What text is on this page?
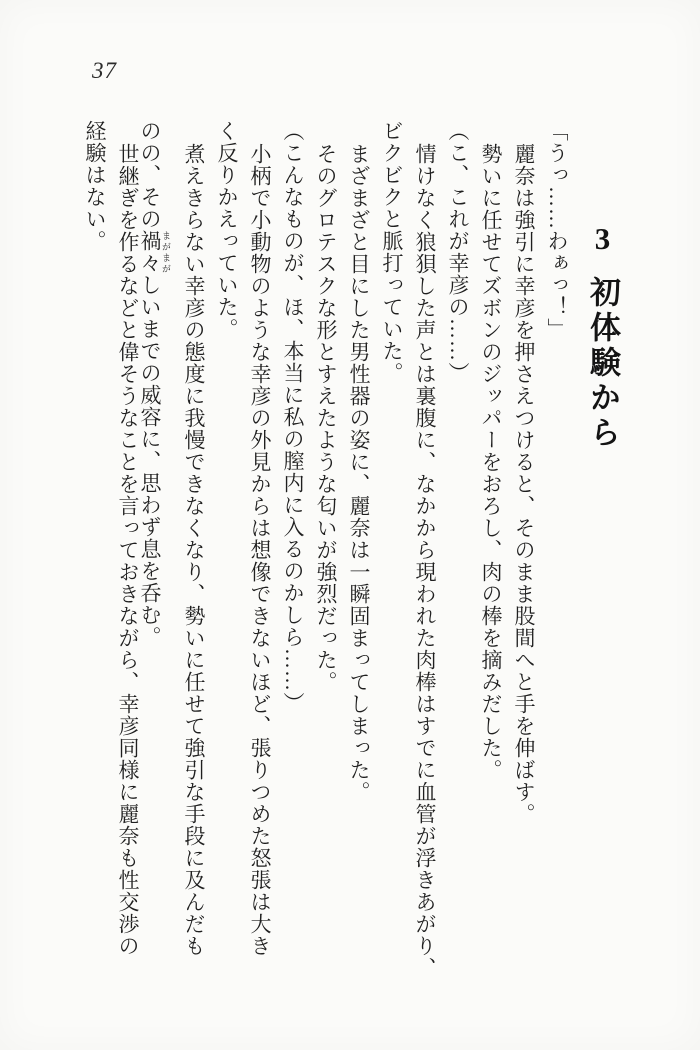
37
3初体験から
「うっ……わぁっ！」
麗奈は強引に幸彦を押さえつけると、そのまま股間へと手を伸ばす。
勢いに任せてズボンのジッパーをおろし、肉の棒を摘みだした。
（こ、これが幸彦の……）
情けなく狼狽した声とは裏腹に、なかから現われた肉棒はすでに血管が浮きあがり、
ビクビクと脈打っていた。
まざまざと目にした男性器の姿に、麗奈は一瞬固まってしまった。
そのグロテスクな形とすえたような匂いが強烈だった。
（こんなものが、ほ、本当に私の膣内に入るのかしら……）
小柄で小動物のような幸彦の外見からは想像できないほど、張りつめた怒張は大き
く反りかえっていた。
煮えきらない幸彦の態度に我慢できなくなり、勢いに任せて強引な手段に及んだも
のの、その禍々 まがまがしいまでの威容に、思わず息を呑む。
世継ぎを作るなどと偉そうなことを言っておきながら、幸彦同様に麗奈も性交渉の
経験はない。
